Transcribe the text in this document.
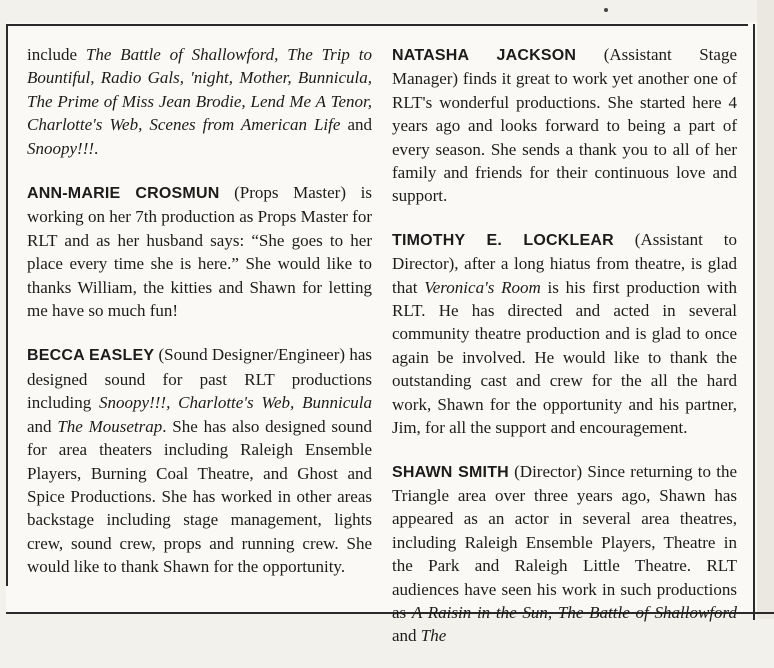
include The Battle of Shallowford, The Trip to Bountiful, Radio Gals, 'night, Mother, Bunnicula, The Prime of Miss Jean Brodie, Lend Me A Tenor, Charlotte's Web, Scenes from American Life and Snoopy!!!.

ANN-MARIE CROSMUN (Props Master) is working on her 7th production as Props Master for RLT and as her husband says: “She goes to her place every time she is here.” She would like to thanks William, the kitties and Shawn for letting me have so much fun!

BECCA EASLEY (Sound Designer/Engineer) has designed sound for past RLT productions including Snoopy!!!, Charlotte's Web, Bunnicula and The Mousetrap. She has also designed sound for area theaters including Raleigh Ensemble Players, Burning Coal Theatre, and Ghost and Spice Productions. She has worked in other areas backstage including stage management, lights crew, sound crew, props and running crew. She would like to thank Shawn for the opportunity.

NATASHA JACKSON (Assistant Stage Manager) finds it great to work yet another one of RLT's wonderful productions. She started here 4 years ago and looks forward to being a part of every season. She sends a thank you to all of her family and friends for their continuous love and support.

TIMOTHY E. LOCKLEAR (Assistant to Director), after a long hiatus from theatre, is glad that Veronica's Room is his first production with RLT. He has directed and acted in several community theatre production and is glad to once again be involved. He would like to thank the outstanding cast and crew for the all the hard work, Shawn for the opportunity and his partner, Jim, for all the support and encouragement.

SHAWN SMITH (Director) Since returning to the Triangle area over three years ago, Shawn has appeared as an actor in several area theatres, including Raleigh Ensemble Players, Theatre in the Park and Raleigh Little Theatre. RLT audiences have seen his work in such productions as A Raisin in the Sun, The Battle of Shallowford and The
